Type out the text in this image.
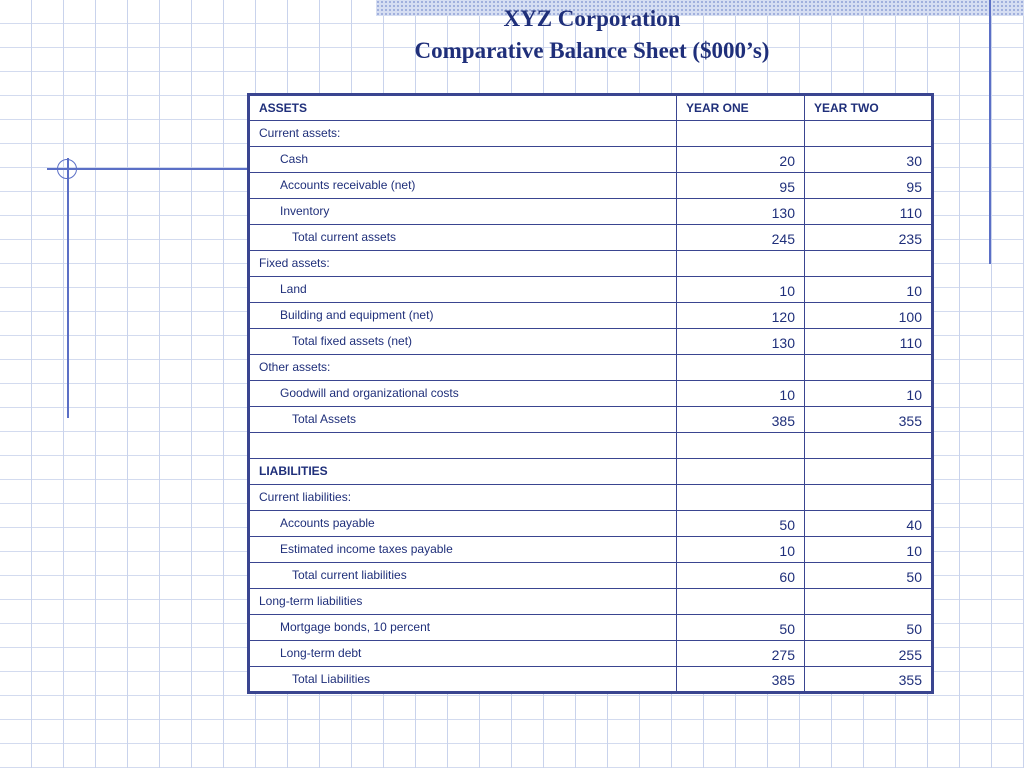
XYZ Corporation
Comparative Balance Sheet ($000’s)
ASSETS	YEAR ONE	YEAR TWO
Current assets:		
Cash	20	30
Accounts receivable (net)	95	95
Inventory	130	110
Total current assets	245	235
Fixed assets:		
Land	10	10
Building and equipment (net)	120	100
Total fixed assets (net)	130	110
Other assets:		
Goodwill and organizational costs	10	10
Total Assets	385	355

LIABILITIES		
Current liabilities:		
Accounts payable	50	40
Estimated income taxes payable	10	10
Total current liabilities	60	50
Long-term liabilities		
Mortgage bonds, 10 percent	50	50
Long-term debt	275	255
Total Liabilities	385	355
